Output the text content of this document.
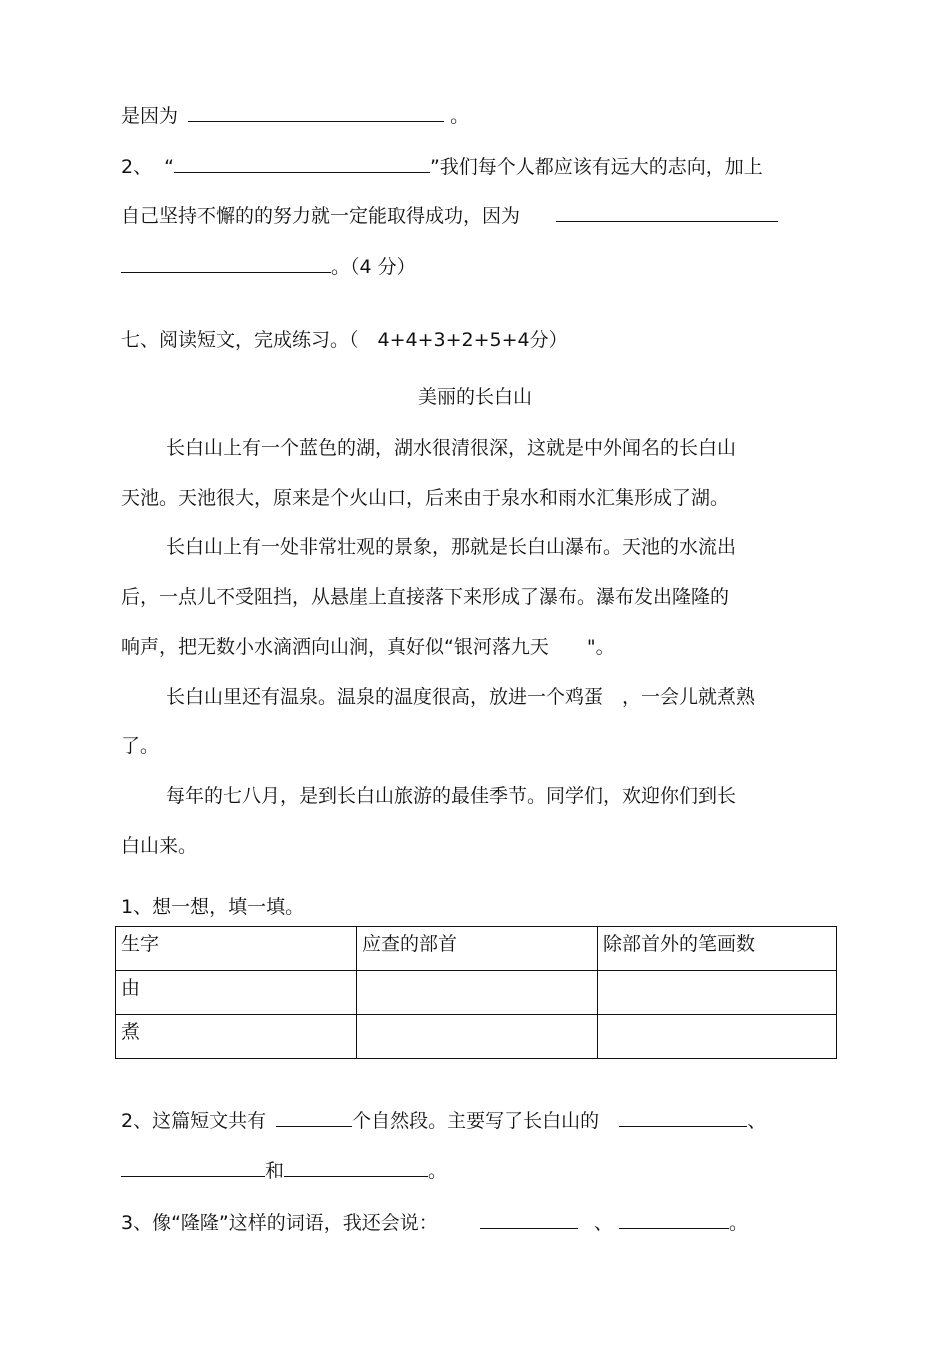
是因为	。
2、 “	”我们每个人都应该有远大的志向，加上
自己坚持不懈的的努力就一定能取得成功，因为
。（4 分）
七、阅读短文，完成练习。（　4+4+3+2+5+4分）
美丽的长白山
长白山上有一个蓝色的湖，湖水很清很深，这就是中外闻名的长白山
天池。天池很大，原来是个火山口，后来由于泉水和雨水汇集形成了湖。
长白山上有一处非常壮观的景象，那就是长白山瀑布。天池的水流出
后，一点儿不受阻挡，从悬崖上直接落下来形成了瀑布。瀑布发出隆隆的
响声，把无数小水滴洒向山涧，真好似“银河落九天　　"。
长白山里还有温泉。温泉的温度很高，放进一个鸡蛋　，一会儿就煮熟
了。
每年的七八月，是到长白山旅游的最佳季节。同学们，欢迎你们到长
白山来。
1、想一想，填一填。
生字	应查的部首	除部首外的笔画数
由		
煮		
2、这篇短文共有	个自然段。主要写了长白山的	、
和	。
3、像“隆隆”这样的词语，我还会说：	、	。
